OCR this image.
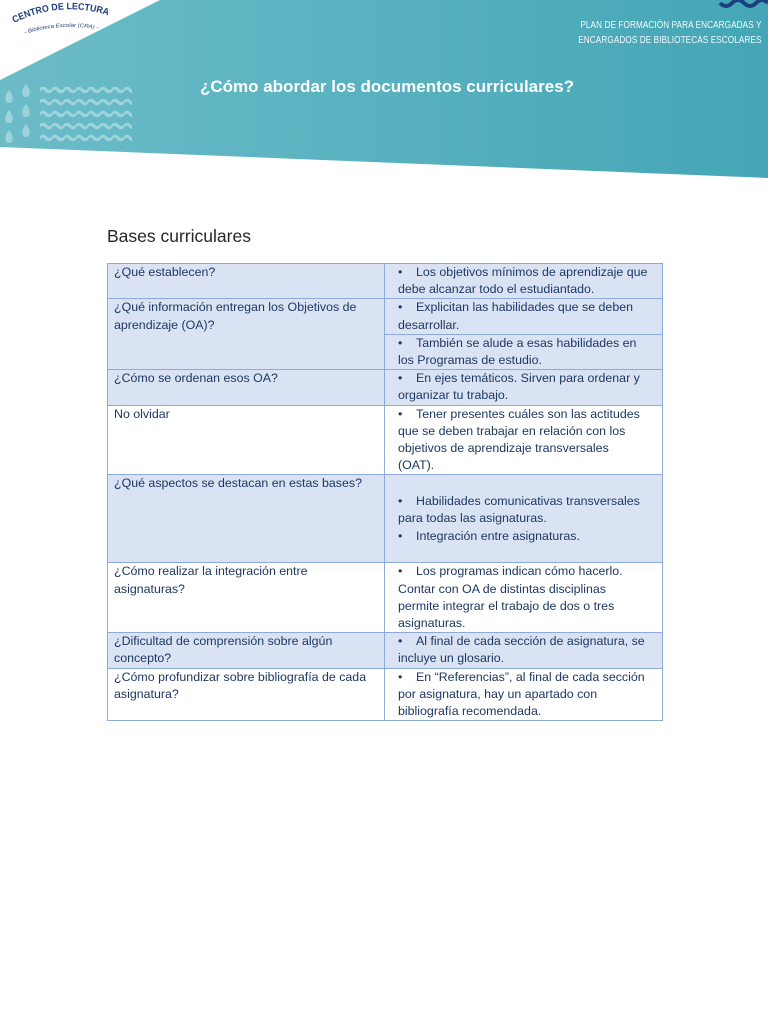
CENTRO DE LECTURA
- Biblioteca Escolar (CRA) -	PLAN DE FORMACIÓN PARA ENCARGADAS Y
ENCARGADOS DE BIBLIOTECAS ESCOLARES
¿Cómo abordar los documentos curriculares?
Bases curriculares
¿Qué establecen?	• Los objetivos mínimos de aprendizaje que
debe alcanzar todo el estudiantado.

¿Qué información entregan los Objetivos de
aprendizaje (OA)?	• Explicitan las habilidades que se deben
desarrollar.

	• También se alude a esas habilidades en
los Programas de estudio.

¿Cómo se ordenan esos OA?	• En ejes temáticos. Sirven para ordenar y
organizar tu trabajo.

No olvidar	• Tener presentes cuáles son las actitudes
que se deben trabajar en relación con los
objetivos de aprendizaje transversales
(OAT).

¿Qué aspectos se destacan en estas bases?	• Habilidades comunicativas transversales
para todas las asignaturas.
• Integración entre asignaturas.

¿Cómo realizar la integración entre
asignaturas?	• Los programas indican cómo hacerlo.
Contar con OA de distintas disciplinas
permite integrar el trabajo de dos o tres
asignaturas.

¿Dificultad de comprensión sobre algún
concepto?	• Al final de cada sección de asignatura, se
incluye un glosario.

¿Cómo profundizar sobre bibliografía de cada
asignatura?	• En “Referencias”, al final de cada sección
por asignatura, hay un apartado con
bibliografía recomendada.
